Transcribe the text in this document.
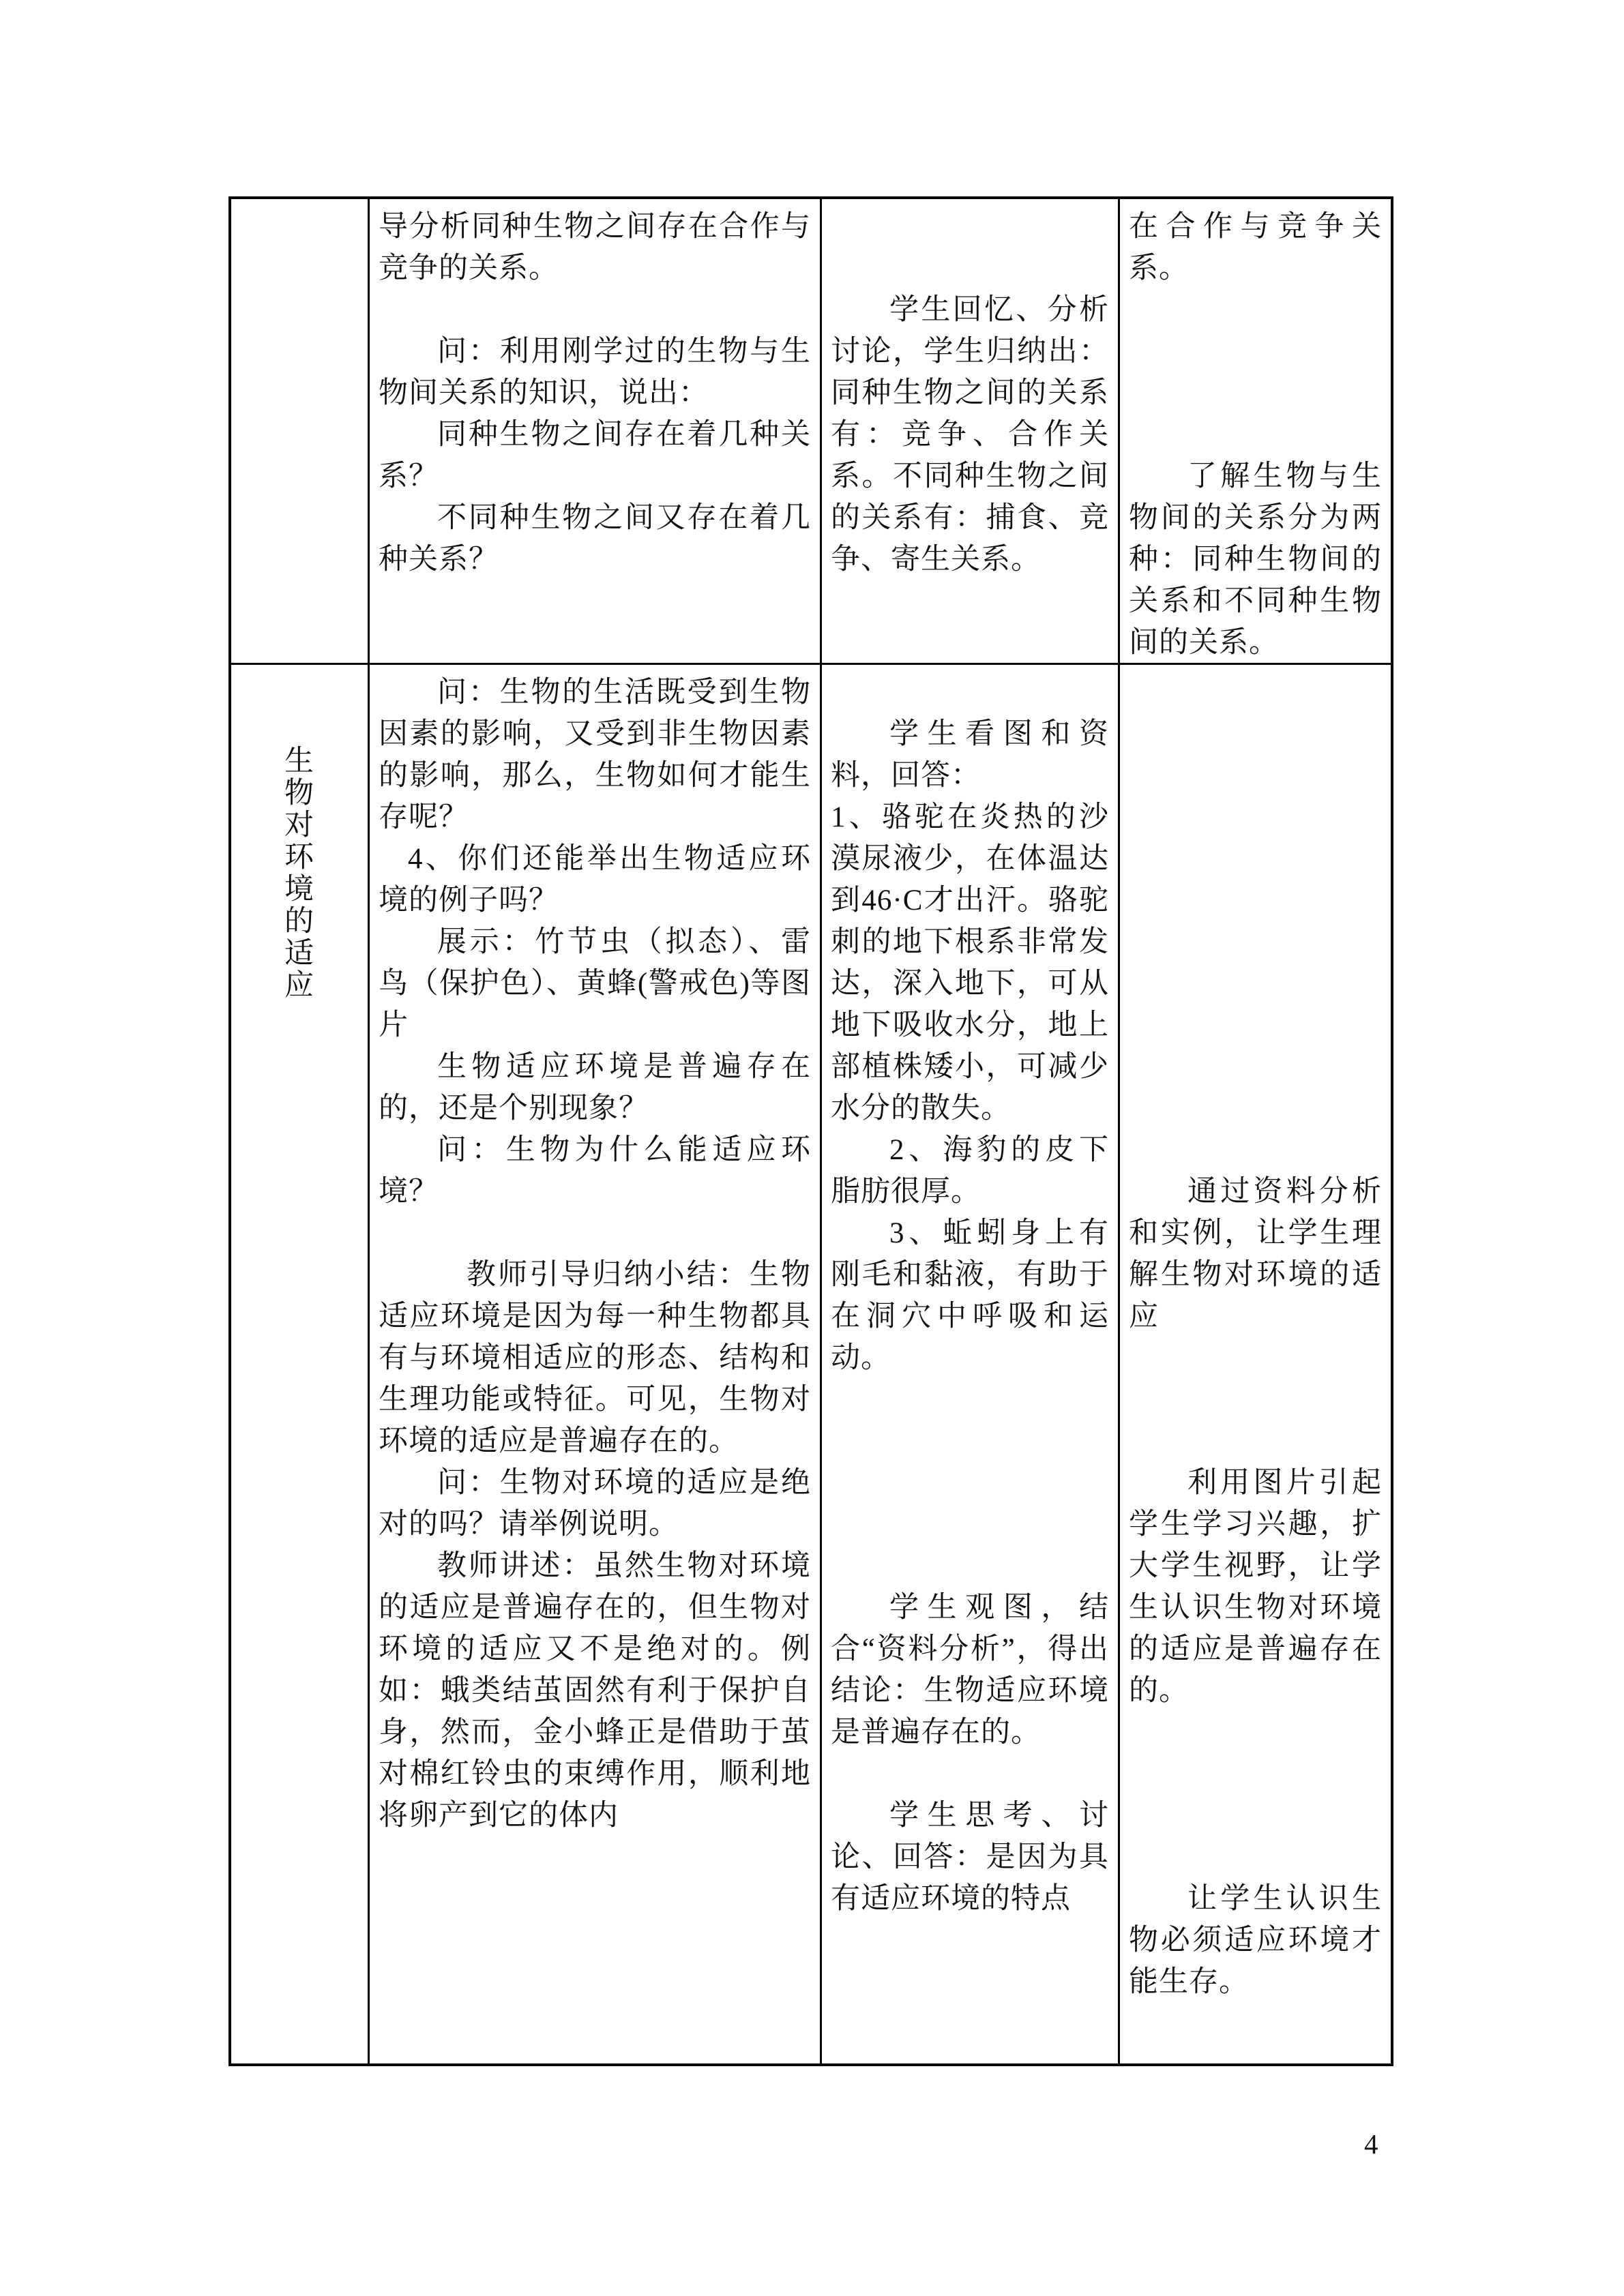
导分析同种生物之间存在合作与竞争的关系。

问：利用刚学过的生物与生物间关系的知识，说出：

同种生物之间存在着几种关系？

不同种生物之间又存在着几种关系？

学生回忆、分析讨论，学生归纳出：同种生物之间的关系有：竞争、合作关系。不同种生物之间的关系有：捕食、竞争、寄生关系。

在合作与竞争关系。

了解生物与生物间的关系分为两种：同种生物间的关系和不同种生物间的关系。

生
物
对
环
境
的
适
应

问：生物的生活既受到生物因素的影响，又受到非生物因素的影响，那么，生物如何才能生存呢？

4、你们还能举出生物适应环境的例子吗？

展示：竹节虫（拟态）、雷鸟（保护色）、黄蜂(警戒色)等图片

生物适应环境是普遍存在的，还是个别现象？

问：生物为什么能适应环境？

教师引导归纳小结：生物适应环境是因为每一种生物都具有与环境相适应的形态、结构和生理功能或特征。可见，生物对环境的适应是普遍存在的。

问：生物对环境的适应是绝对的吗？请举例说明。

教师讲述：虽然生物对环境的适应是普遍存在的，但生物对环境的适应又不是绝对的。例如：蛾类结茧固然有利于保护自身，然而，金小蜂正是借助于茧对棉红铃虫的束缚作用，顺利地将卵产到它的体内

学生看图和资料，回答：

1、骆驼在炎热的沙漠尿液少，在体温达到46·C才出汗。骆驼刺的地下根系非常发达，深入地下，可从地下吸收水分，地上部植株矮小，可减少水分的散失。

2、海豹的皮下脂肪很厚。

3、蚯蚓身上有刚毛和黏液，有助于在洞穴中呼吸和运动。

学生观图，结合“资料分析”，得出结论：生物适应环境是普遍存在的。

学生思考、讨论、回答：是因为具有适应环境的特点

通过资料分析和实例，让学生理解生物对环境的适应

利用图片引起学生学习兴趣，扩大学生视野，让学生认识生物对环境的适应是普遍存在的。

让学生认识生物必须适应环境才能生存。

4
